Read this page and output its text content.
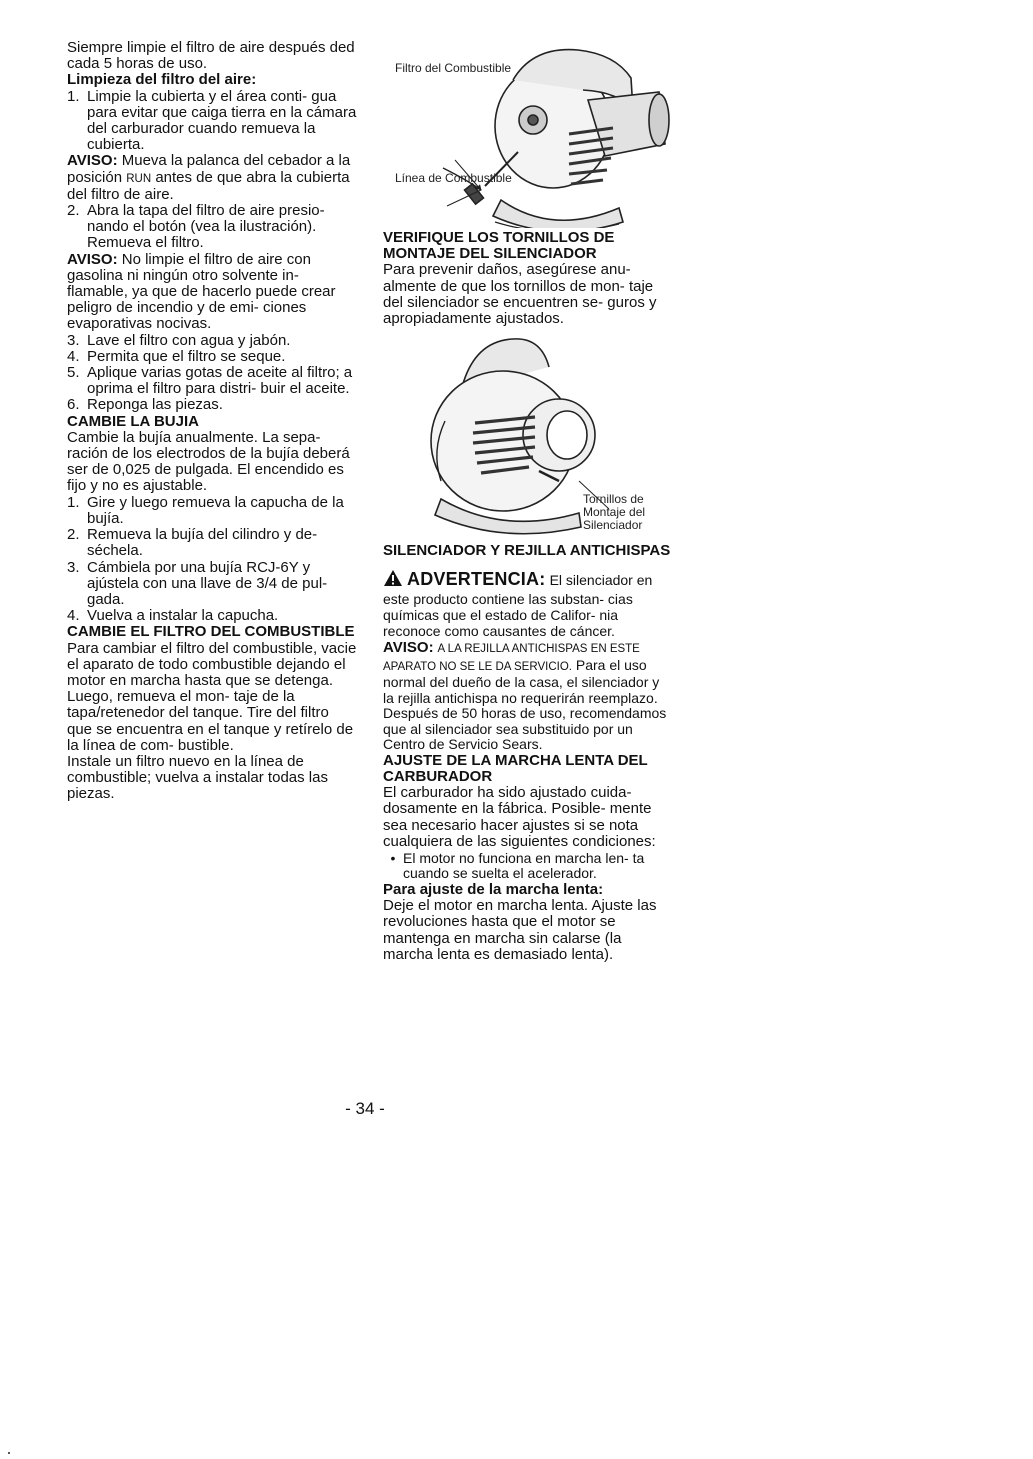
Siempre limpie el filtro de aire después ded cada 5 horas de uso.

Limpieza del filtro del aire:

1. Limpie la cubierta y el área conti- gua para evitar que caiga tierra en la cámara del carburador cuando remueva la cubierta.

AVISO: Mueva la palanca del cebador a la posición RUN antes de que abra la cubierta del filtro de aire.

2. Abra la tapa del filtro de aire presio- nando el botón (vea la ilustración). Remueva el filtro.

AVISO: No limpie el filtro de aire con gasolina ni ningún otro solvente in- flamable, ya que de hacerlo puede crear peligro de incendio y de emi- ciones evaporativas nocivas.

3. Lave el filtro con agua y jabón.
4. Permita que el filtro se seque.
5. Aplique varias gotas de aceite al filtro; a oprima el filtro para distri- buir el aceite.
6. Reponga las piezas.

CAMBIE LA BUJIA

Cambie la bujía anualmente. La sepa- ración de los electrodos de la bujía deberá ser de 0,025 de pulgada. El encendido es fijo y no es ajustable.

1. Gire y luego remueva la capucha de la bujía.
2. Remueva la bujía del cilindro y de- séchela.
3. Cámbiela por una bujía RCJ-6Y y ajústela con una llave de 3/4 de pul- gada.
4. Vuelva a instalar la capucha.

CAMBIE EL FILTRO DEL COMBUSTIBLE

Para cambiar el filtro del combustible, vacie el aparato de todo combustible dejando el motor en marcha hasta que se detenga. Luego, remueva el mon- taje de la tapa/retenedor del tanque. Tire del filtro que se encuentra en el tanque y retírelo de la línea de com- bustible.

Instale un filtro nuevo en la línea de combustible; vuelva a instalar todas las piezas.

Filtro del Combustible
Línea de Combustible

VERIFIQUE LOS TORNILLOS DE MONTAJE DEL SILENCIADOR

Para prevenir daños, asegúrese anu- almente de que los tornillos de mon- taje del silenciador se encuentren se- guros y apropiadamente ajustados.

Tornillos de Montaje del Silenciador

SILENCIADOR Y REJILLA ANTICHISPAS

ADVERTENCIA: El silenciador en este producto contiene las substan- cias químicas que el estado de Califor- nia reconoce como causantes de cáncer.

AVISO: A LA REJILLA ANTICHISPAS EN ESTE APARATO NO SE LE DA SERVICIO. Para el uso normal del dueño de la casa, el silenciador y la rejilla antichispa no requerirán reemplazo. Después de 50 horas de uso, recomendamos que al silenciador sea substituido por un Centro de Servicio Sears.

AJUSTE DE LA MARCHA LENTA DEL CARBURADOR

El carburador ha sido ajustado cuida- dosamente en la fábrica. Posible- mente sea necesario hacer ajustes si se nota cualquiera de las siguientes condiciones:

• El motor no funciona en marcha len- ta cuando se suelta el acelerador.

Para ajuste de la marcha lenta:

Deje el motor en marcha lenta. Ajuste las revoluciones hasta que el motor se mantenga en marcha sin calarse (la marcha lenta es demasiado lenta).

- 34 -
